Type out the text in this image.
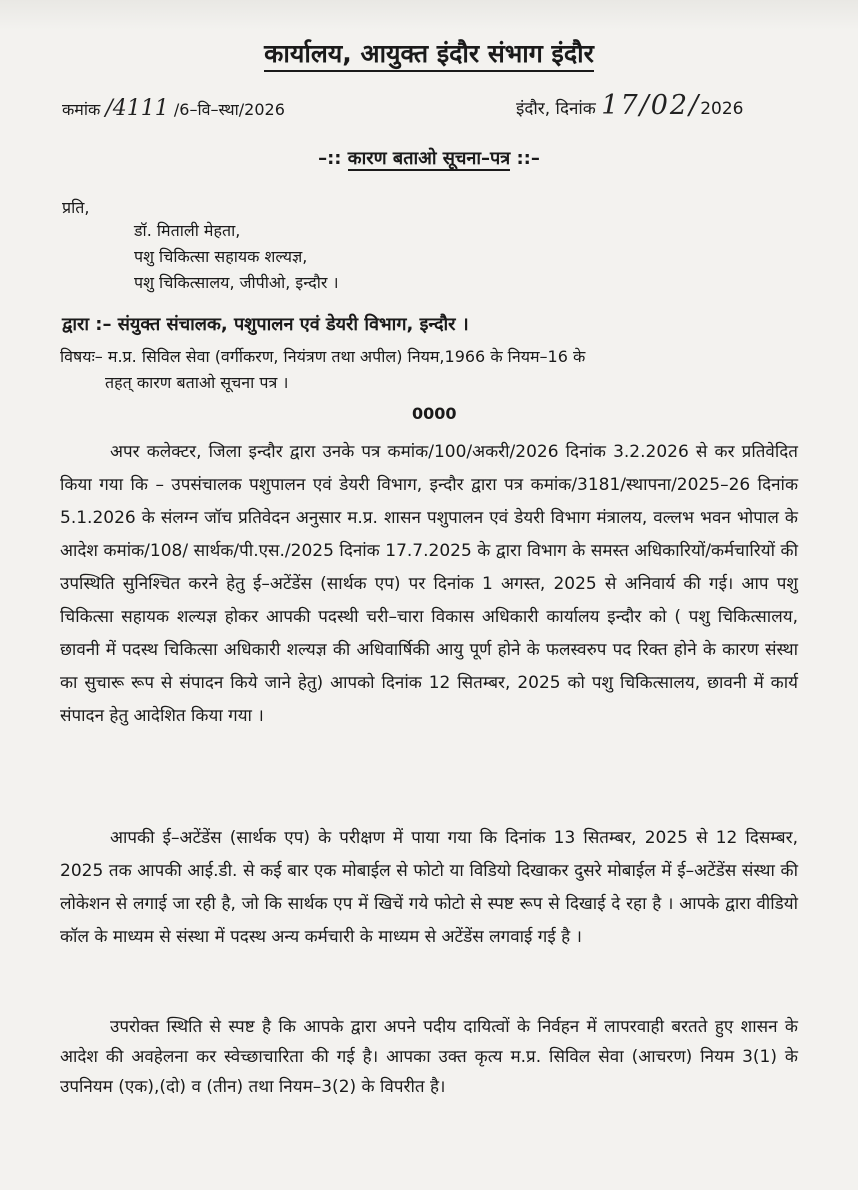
कार्यालय, आयुक्त इंदौर संभाग इंदौर
कमांक /4111 /6–वि–स्था/2026	इंदौर, दिनांक 17/02/2026
–:: कारण बताओ सूचना–पत्र ::–
प्रति,
डॉ. मिताली मेहता,
पशु चिकित्सा सहायक शल्यज्ञ,
पशु चिकित्सालय, जीपीओ, इन्दौर ।
द्वारा :– संयुक्त संचालक, पशुपालन एवं डेयरी विभाग, इन्दौर ।
विषयः– म.प्र. सिविल सेवा (वर्गीकरण, नियंत्रण तथा अपील) नियम,1966 के नियम–16 के
तहत् कारण बताओ सूचना पत्र ।
0000
अपर कलेक्टर, जिला इन्दौर द्वारा उनके पत्र कमांक/100/अकरी/2026 दिनांक 3.2.2026 से कर प्रतिवेदित किया गया कि – उपसंचालक पशुपालन एवं डेयरी विभाग, इन्दौर द्वारा पत्र कमांक/3181/स्थापना/2025–26 दिनांक 5.1.2026 के संलग्न जॉच प्रतिवेदन अनुसार म.प्र. शासन पशुपालन एवं डेयरी विभाग मंत्रालय, वल्लभ भवन भोपाल के आदेश कमांक/108/ सार्थक/पी.एस./2025 दिनांक 17.7.2025 के द्वारा विभाग के समस्त अधिकारियों/कर्मचारियों की उपस्थिति सुनिश्चित करने हेतु ई–अटेंडेंस (सार्थक एप) पर दिनांक 1 अगस्त, 2025 से अनिवार्य की गई। आप पशु चिकित्सा सहायक शल्यज्ञ होकर आपकी पदस्थी चरी–चारा विकास अधिकारी कार्यालय इन्दौर को ( पशु चिकित्सालय, छावनी में पदस्थ चिकित्सा अधिकारी शल्यज्ञ की अधिवार्षिकी आयु पूर्ण होने के फलस्वरुप पद रिक्त होने के कारण संस्था का सुचारू रूप से संपादन किये जाने हेतु) आपको दिनांक 12 सितम्बर, 2025 को पशु चिकित्सालय, छावनी में कार्य संपादन हेतु आदेशित किया गया ।
आपकी ई–अटेंडेंस (सार्थक एप) के परीक्षण में पाया गया कि दिनांक 13 सितम्बर, 2025 से 12 दिसम्बर, 2025 तक आपकी आई.डी. से कई बार एक मोबाईल से फोटो या विडियो दिखाकर दुसरे मोबाईल में ई–अटेंडेंस संस्था की लोकेशन से लगाई जा रही है, जो कि सार्थक एप में खिचें गये फोटो से स्पष्ट रूप से दिखाई दे रहा है । आपके द्वारा वीडियो कॉल के माध्यम से संस्था में पदस्थ अन्य कर्मचारी के माध्यम से अटेंडेंस लगवाई गई है ।
उपरोक्त स्थिति से स्पष्ट है कि आपके द्वारा अपने पदीय दायित्वों के निर्वहन में लापरवाही बरतते हुए शासन के आदेश की अवहेलना कर स्वेच्छाचारिता की गई है। आपका उक्त कृत्य म.प्र. सिविल सेवा (आचरण) नियम 3(1) के उपनियम (एक),(दो) व (तीन) तथा नियम–3(2) के विपरीत है।
